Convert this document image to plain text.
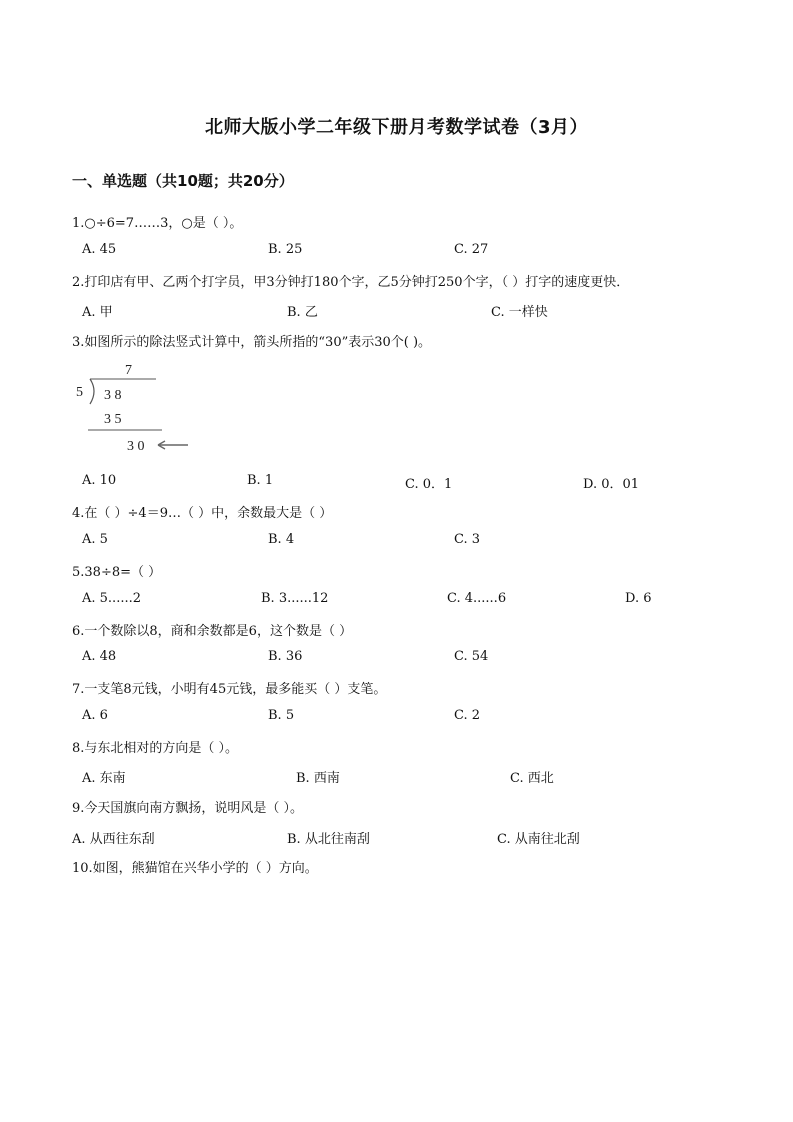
北师大版小学二年级下册月考数学试卷（3月）
一、单选题（共10题；共20分）
1.○÷6=7……3，○是（ ）。
A. 45	B. 25	C. 27
2.打印店有甲、乙两个打字员，甲3分钟打180个字，乙5分钟打250个字，（ ）打字的速度更快．
A. 甲	B. 乙	C. 一样快
3.如图所示的除法竖式计算中，箭头所指的“30”表示30个( )。
7
5 3 8
3 5
3 0
A. 10	B. 1	C. 0．1	D. 0．01
4.在（ ）÷4＝9…（ ）中，余数最大是（ ）
A. 5	B. 4	C. 3
5.38÷8=（ ）
A. 5......2	B. 3......12	C. 4......6	D. 6
6.一个数除以8，商和余数都是6，这个数是（ ）
A. 48	B. 36	C. 54
7.一支笔8元钱，小明有45元钱，最多能买（ ）支笔。
A. 6	B. 5	C. 2
8.与东北相对的方向是（ ）。
A. 东南	B. 西南	C. 西北
9.今天国旗向南方飘扬，说明风是（ ）。
A. 从西往东刮	B. 从北往南刮	C. 从南往北刮
10.如图，熊猫馆在兴华小学的（ ）方向。
